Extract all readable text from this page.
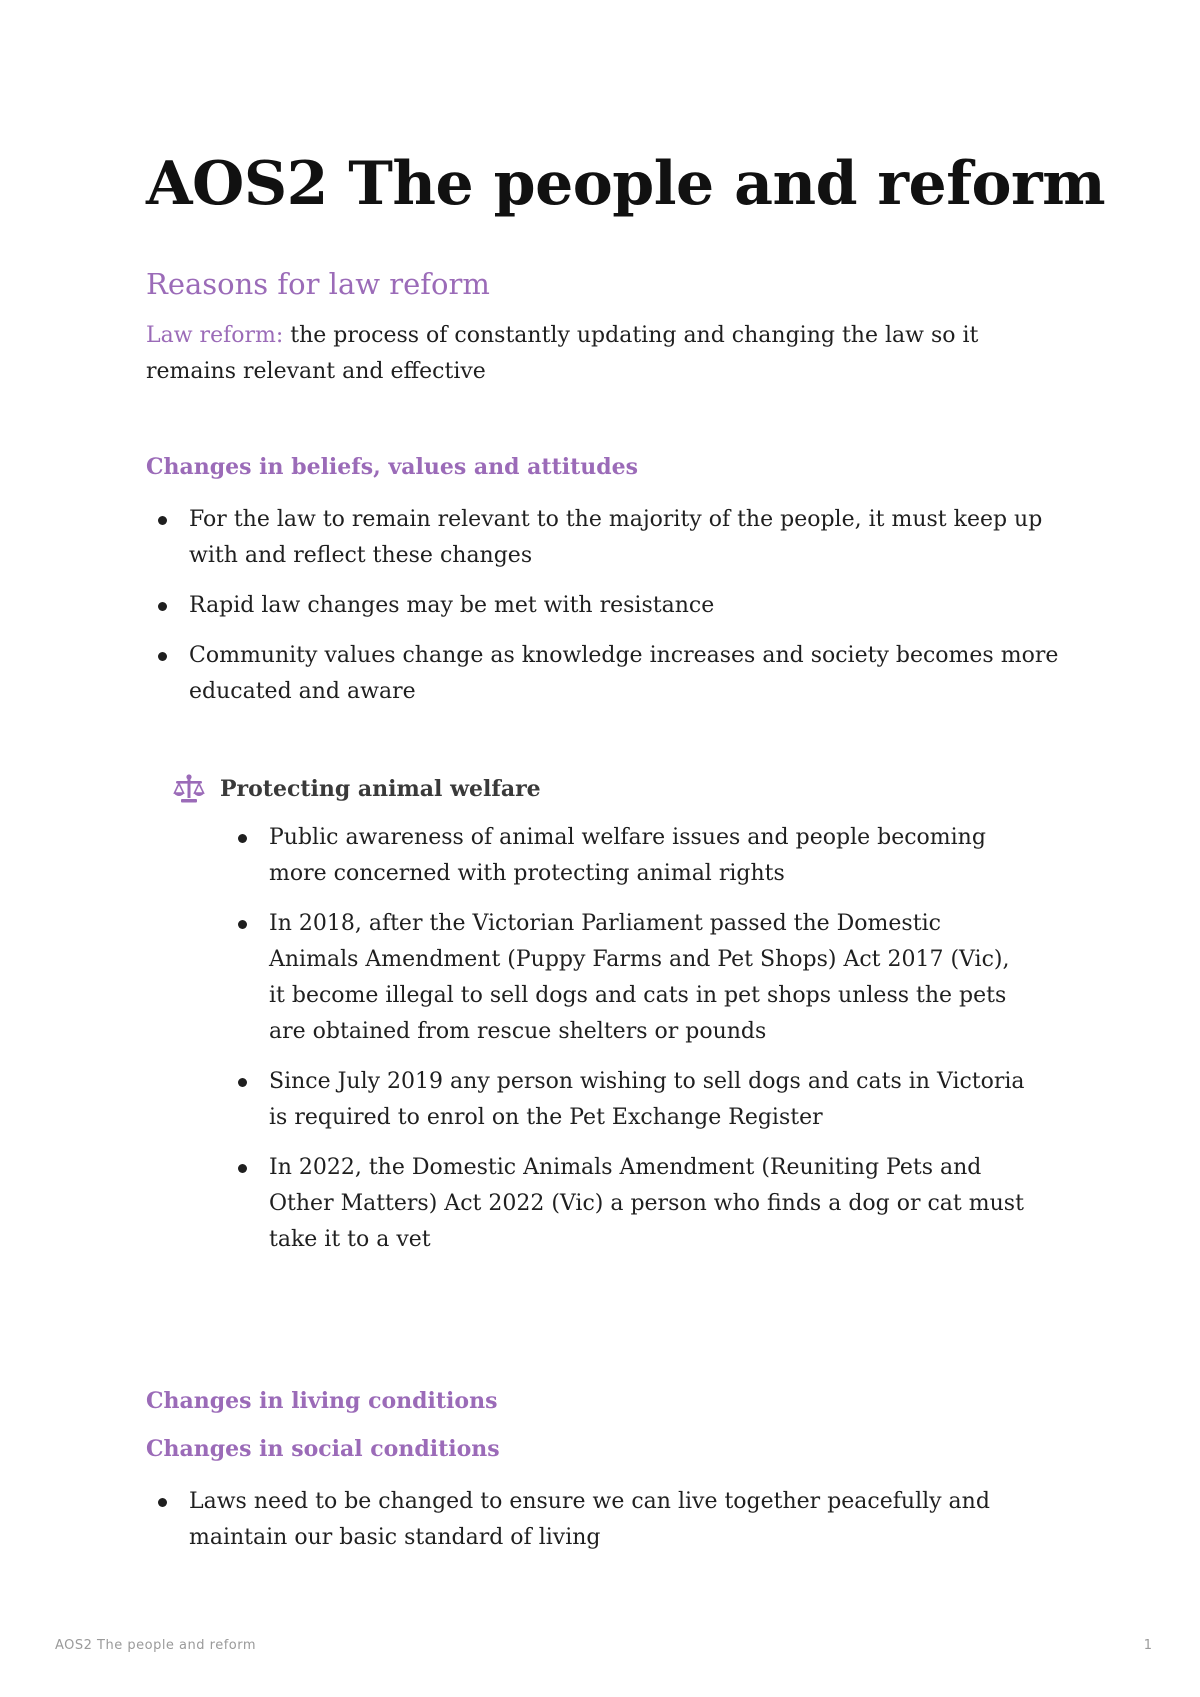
AOS2 The people and reform
Reasons for law reform

Law reform: the process of constantly updating and changing the law so it remains relevant and effective

Changes in beliefs, values and attitudes
For the law to remain relevant to the majority of the people, it must keep up with and reflect these changes
Rapid law changes may be met with resistance
Community values change as knowledge increases and society becomes more educated and aware
Protecting animal welfare
Public awareness of animal welfare issues and people becoming more concerned with protecting animal rights
In 2018, after the Victorian Parliament passed the Domestic Animals Amendment (Puppy Farms and Pet Shops) Act 2017 (Vic), it become illegal to sell dogs and cats in pet shops unless the pets are obtained from rescue shelters or pounds
Since July 2019 any person wishing to sell dogs and cats in Victoria is required to enrol on the Pet Exchange Register
In 2022, the Domestic Animals Amendment (Reuniting Pets and Other Matters) Act 2022 (Vic) a person who finds a dog or cat must take it to a vet
Changes in living conditions
Changes in social conditions
Laws need to be changed to ensure we can live together peacefully and maintain our basic standard of living
AOS2 The people and reform	1
